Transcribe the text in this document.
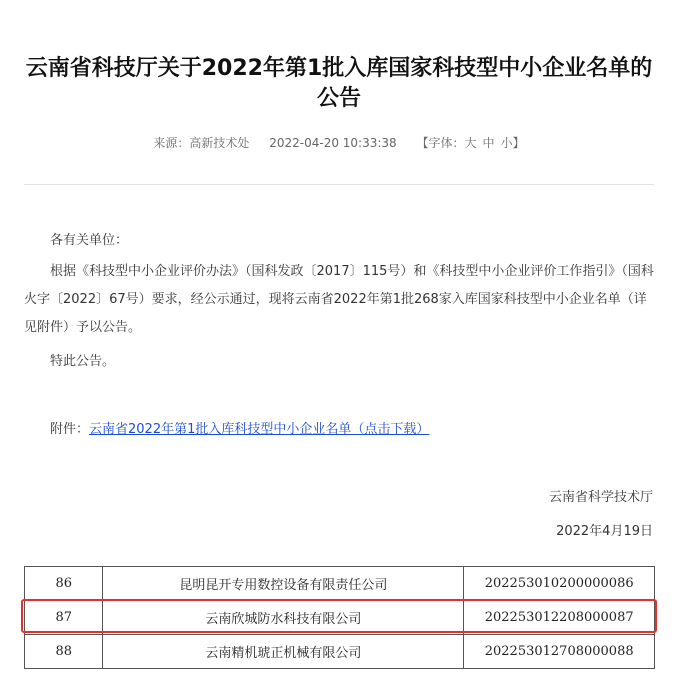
云南省科技厅关于2022年第1批入库国家科技型中小企业名单的公告
来源：高新技术处 2022-04-20 10:33:38 【字体：大 中 小】
各有关单位：
根据《科技型中小企业评价办法》（国科发政〔2017〕115号）和《科技型中小企业评价工作指引》（国科火字〔2022〕67号）要求，经公示通过，现将云南省2022年第1批268家入库国家科技型中小企业名单（详见附件）予以公告。
特此公告。
附件：云南省2022年第1批入库科技型中小企业名单（点击下载）
云南省科学技术厅
2022年4月19日
86	昆明昆开专用数控设备有限责任公司	202253010200000086
87	云南欣城防水科技有限公司	202253012208000087
88	云南精机琥正机械有限公司	202253012708000088
